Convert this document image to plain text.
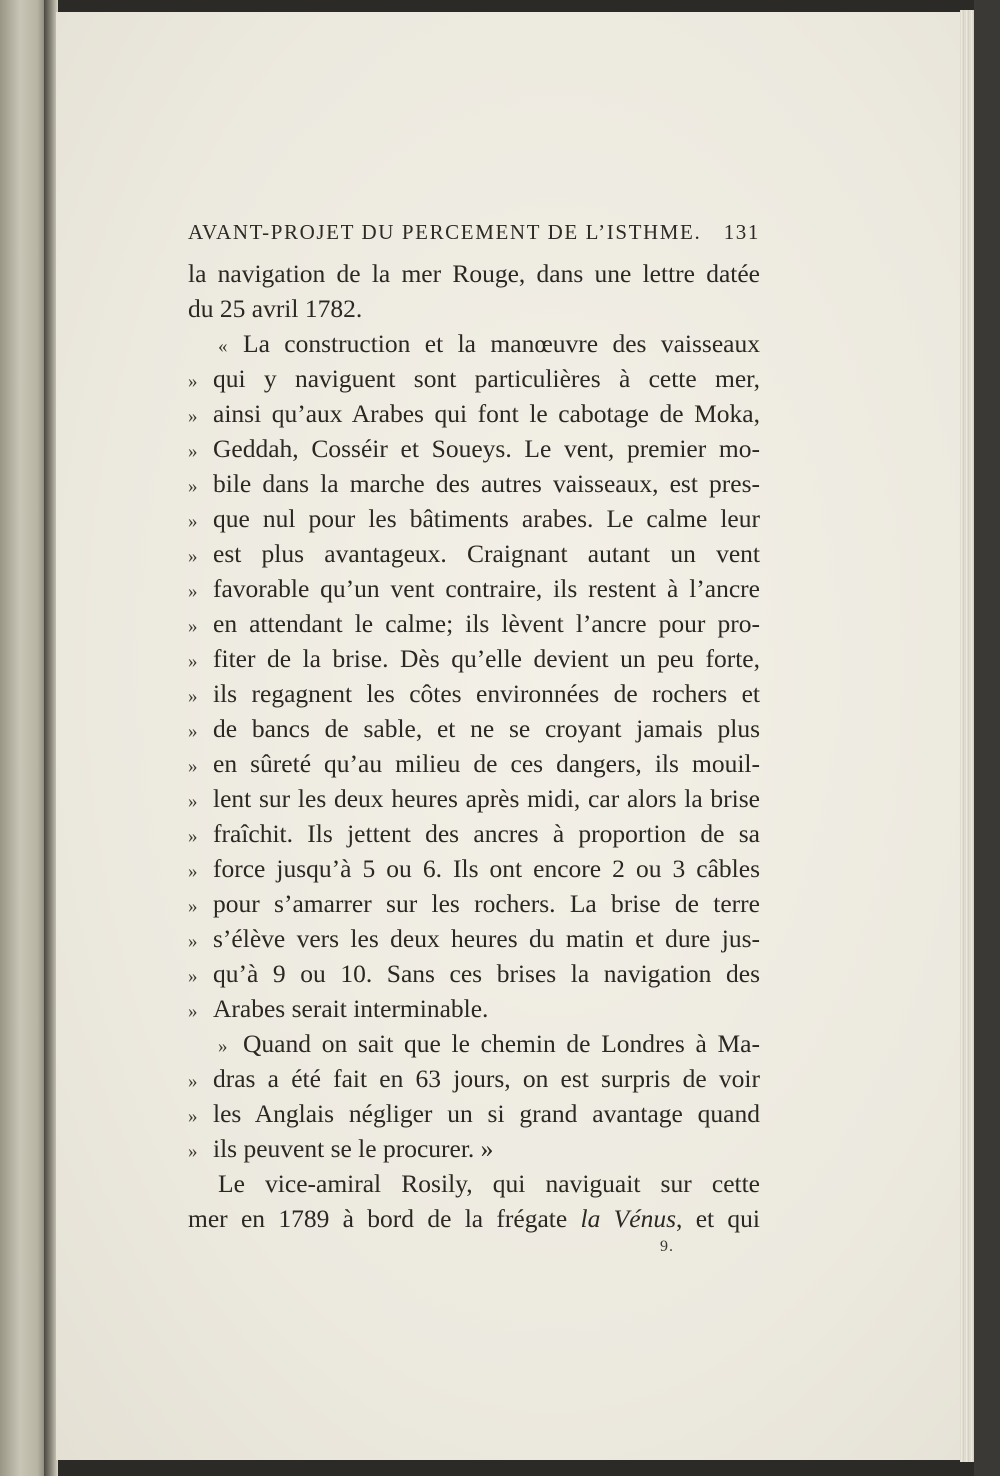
AVANT-PROJET DU PERCEMENT DE L’ISTHME. 131
la navigation de la mer Rouge, dans une lettre datée
du 25 avril 1782.
« La construction et la manœuvre des vaisseaux
» qui y naviguent sont particulières à cette mer,
» ainsi qu’aux Arabes qui font le cabotage de Moka,
» Geddah, Cosséir et Soueys. Le vent, premier mo-
» bile dans la marche des autres vaisseaux, est pres-
» que nul pour les bâtiments arabes. Le calme leur
» est plus avantageux. Craignant autant un vent
» favorable qu’un vent contraire, ils restent à l’ancre
» en attendant le calme; ils lèvent l’ancre pour pro-
» fiter de la brise. Dès qu’elle devient un peu forte,
» ils regagnent les côtes environnées de rochers et
» de bancs de sable, et ne se croyant jamais plus
» en sûreté qu’au milieu de ces dangers, ils mouil-
» lent sur les deux heures après midi, car alors la brise
» fraîchit. Ils jettent des ancres à proportion de sa
» force jusqu’à 5 ou 6. Ils ont encore 2 ou 3 câbles
» pour s’amarrer sur les rochers. La brise de terre
» s’élève vers les deux heures du matin et dure jus-
» qu’à 9 ou 10. Sans ces brises la navigation des
» Arabes serait interminable.
» Quand on sait que le chemin de Londres à Ma-
» dras a été fait en 63 jours, on est surpris de voir
» les Anglais négliger un si grand avantage quand
» ils peuvent se le procurer. »
Le vice-amiral Rosily, qui naviguait sur cette
mer en 1789 à bord de la frégate la Vénus, et qui
9.
